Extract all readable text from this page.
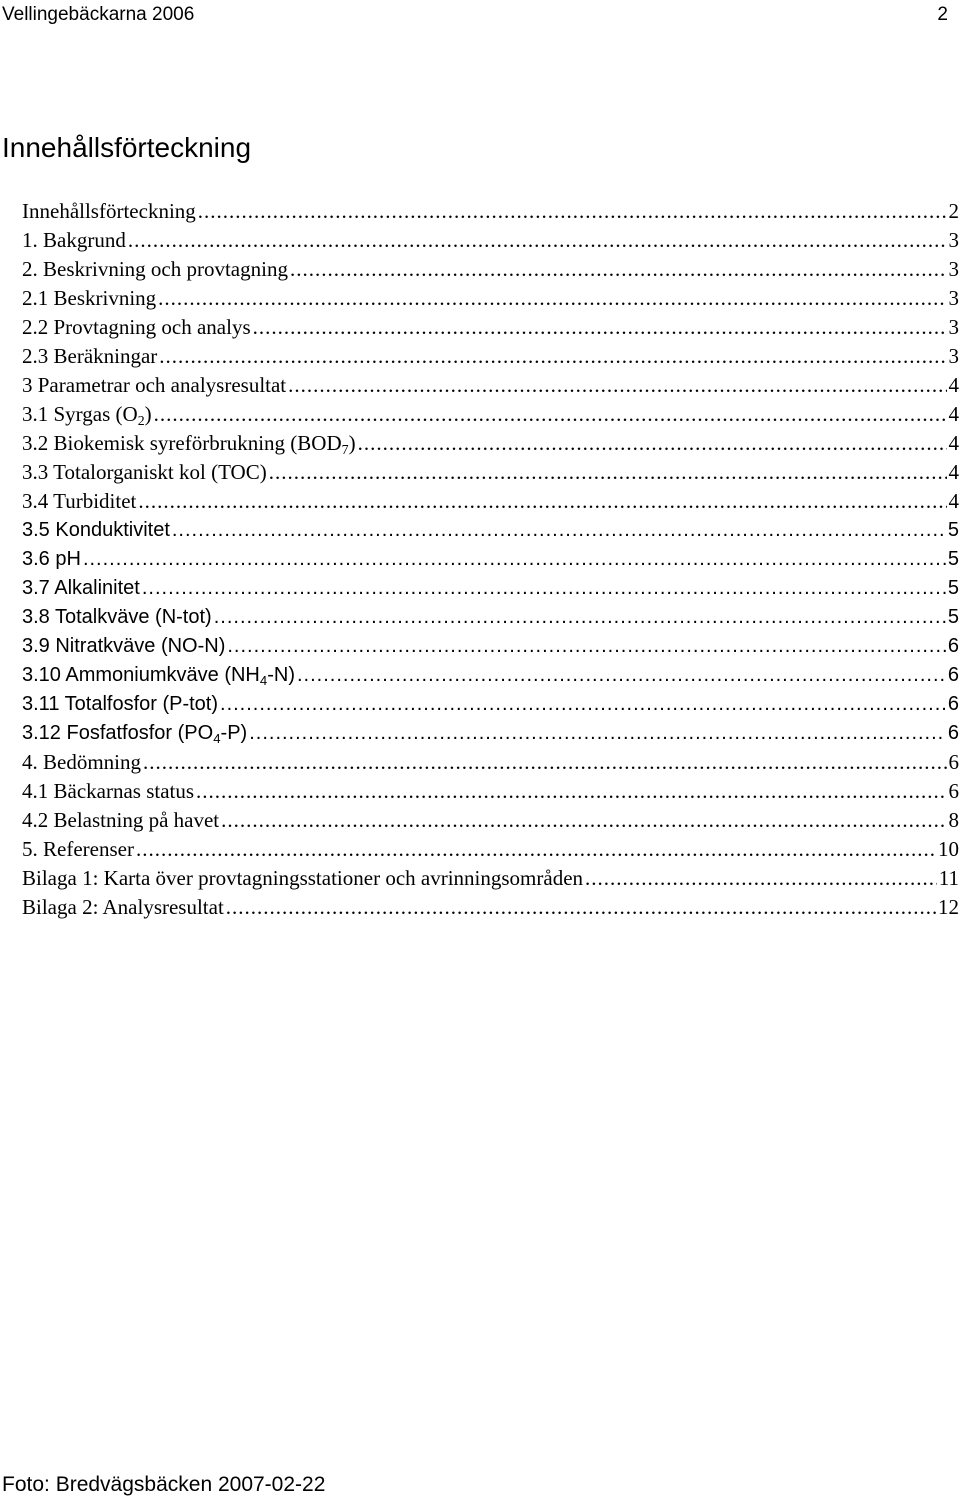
Vellingebäckarna 2006	2
Innehållsförteckning
Innehållsförteckning .....	2
1. Bakgrund .....	3
2. Beskrivning och provtagning .....	3
2.1 Beskrivning .....	3
2.2 Provtagning och analys .....	3
2.3 Beräkningar .....	3
3 Parametrar och analysresultat .....	4
3.1 Syrgas (O2) .....	4
3.2 Biokemisk syreförbrukning (BOD7) .....	4
3.3 Totalorganiskt kol (TOC) .....	4
3.4 Turbiditet .....	4
3.5 Konduktivitet .....	5
3.6 pH .....	5
3.7 Alkalinitet .....	5
3.8 Totalkväve (N-tot) .....	5
3.9 Nitratkväve (NO-N) .....	6
3.10 Ammoniumkväve (NH4-N) .....	6
3.11 Totalfosfor (P-tot) .....	6
3.12 Fosfatfosfor (PO4-P) .....	6
4. Bedömning .....	6
4.1 Bäckarnas status .....	6
4.2 Belastning på havet .....	8
5. Referenser .....	10
Bilaga 1: Karta över provtagningsstationer och avrinningsområden .....	11
Bilaga 2: Analysresultat .....	12
Foto: Bredvägsbäcken 2007-02-22
